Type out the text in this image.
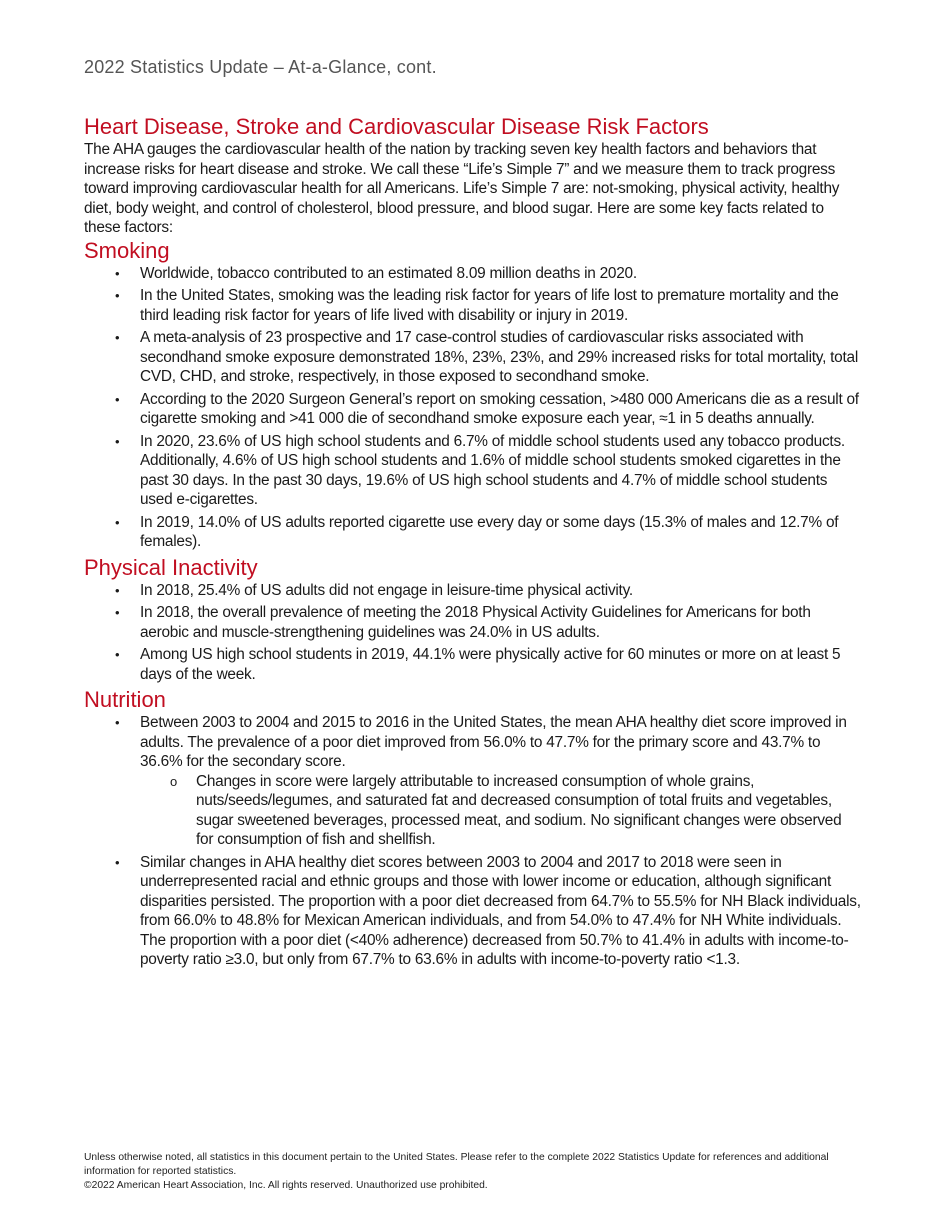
2022 Statistics Update – At-a-Glance, cont.
Heart Disease, Stroke and Cardiovascular Disease Risk Factors

The AHA gauges the cardiovascular health of the nation by tracking seven key health factors and behaviors that increase risks for heart disease and stroke. We call these “Life’s Simple 7” and we measure them to track progress toward improving cardiovascular health for all Americans. Life’s Simple 7 are: not-smoking, physical activity, healthy diet, body weight, and control of cholesterol, blood pressure, and blood sugar. Here are some key facts related to these factors:

Smoking
• Worldwide, tobacco contributed to an estimated 8.09 million deaths in 2020.
• In the United States, smoking was the leading risk factor for years of life lost to premature mortality and the third leading risk factor for years of life lived with disability or injury in 2019.
• A meta-analysis of 23 prospective and 17 case-control studies of cardiovascular risks associated with secondhand smoke exposure demonstrated 18%, 23%, 23%, and 29% increased risks for total mortality, total CVD, CHD, and stroke, respectively, in those exposed to secondhand smoke.
• According to the 2020 Surgeon General’s report on smoking cessation, >480 000 Americans die as a result of cigarette smoking and >41 000 die of secondhand smoke exposure each year, ≈1 in 5 deaths annually.
• In 2020, 23.6% of US high school students and 6.7% of middle school students used any tobacco products. Additionally, 4.6% of US high school students and 1.6% of middle school students smoked cigarettes in the past 30 days. In the past 30 days, 19.6% of US high school students and 4.7% of middle school students used e-cigarettes.
• In 2019, 14.0% of US adults reported cigarette use every day or some days (15.3% of males and 12.7% of females).
Physical Inactivity
• In 2018, 25.4% of US adults did not engage in leisure-time physical activity.
• In 2018, the overall prevalence of meeting the 2018 Physical Activity Guidelines for Americans for both aerobic and muscle-strengthening guidelines was 24.0% in US adults.
• Among US high school students in 2019, 44.1% were physically active for 60 minutes or more on at least 5 days of the week.
Nutrition
• Between 2003 to 2004 and 2015 to 2016 in the United States, the mean AHA healthy diet score improved in adults. The prevalence of a poor diet improved from 56.0% to 47.7% for the primary score and 43.7% to 36.6% for the secondary score.
o Changes in score were largely attributable to increased consumption of whole grains, nuts/seeds/legumes, and saturated fat and decreased consumption of total fruits and vegetables, sugar sweetened beverages, processed meat, and sodium. No significant changes were observed for consumption of fish and shellfish.
• Similar changes in AHA healthy diet scores between 2003 to 2004 and 2017 to 2018 were seen in underrepresented racial and ethnic groups and those with lower income or education, although significant disparities persisted. The proportion with a poor diet decreased from 64.7% to 55.5% for NH Black individuals, from 66.0% to 48.8% for Mexican American individuals, and from 54.0% to 47.4% for NH White individuals. The proportion with a poor diet (<40% adherence) decreased from 50.7% to 41.4% in adults with income-to-poverty ratio ≥3.0, but only from 67.7% to 63.6% in adults with income-to-poverty ratio <1.3.
Unless otherwise noted, all statistics in this document pertain to the United States. Please refer to the complete 2022 Statistics Update for references and additional information for reported statistics.
©2022 American Heart Association, Inc. All rights reserved. Unauthorized use prohibited.
